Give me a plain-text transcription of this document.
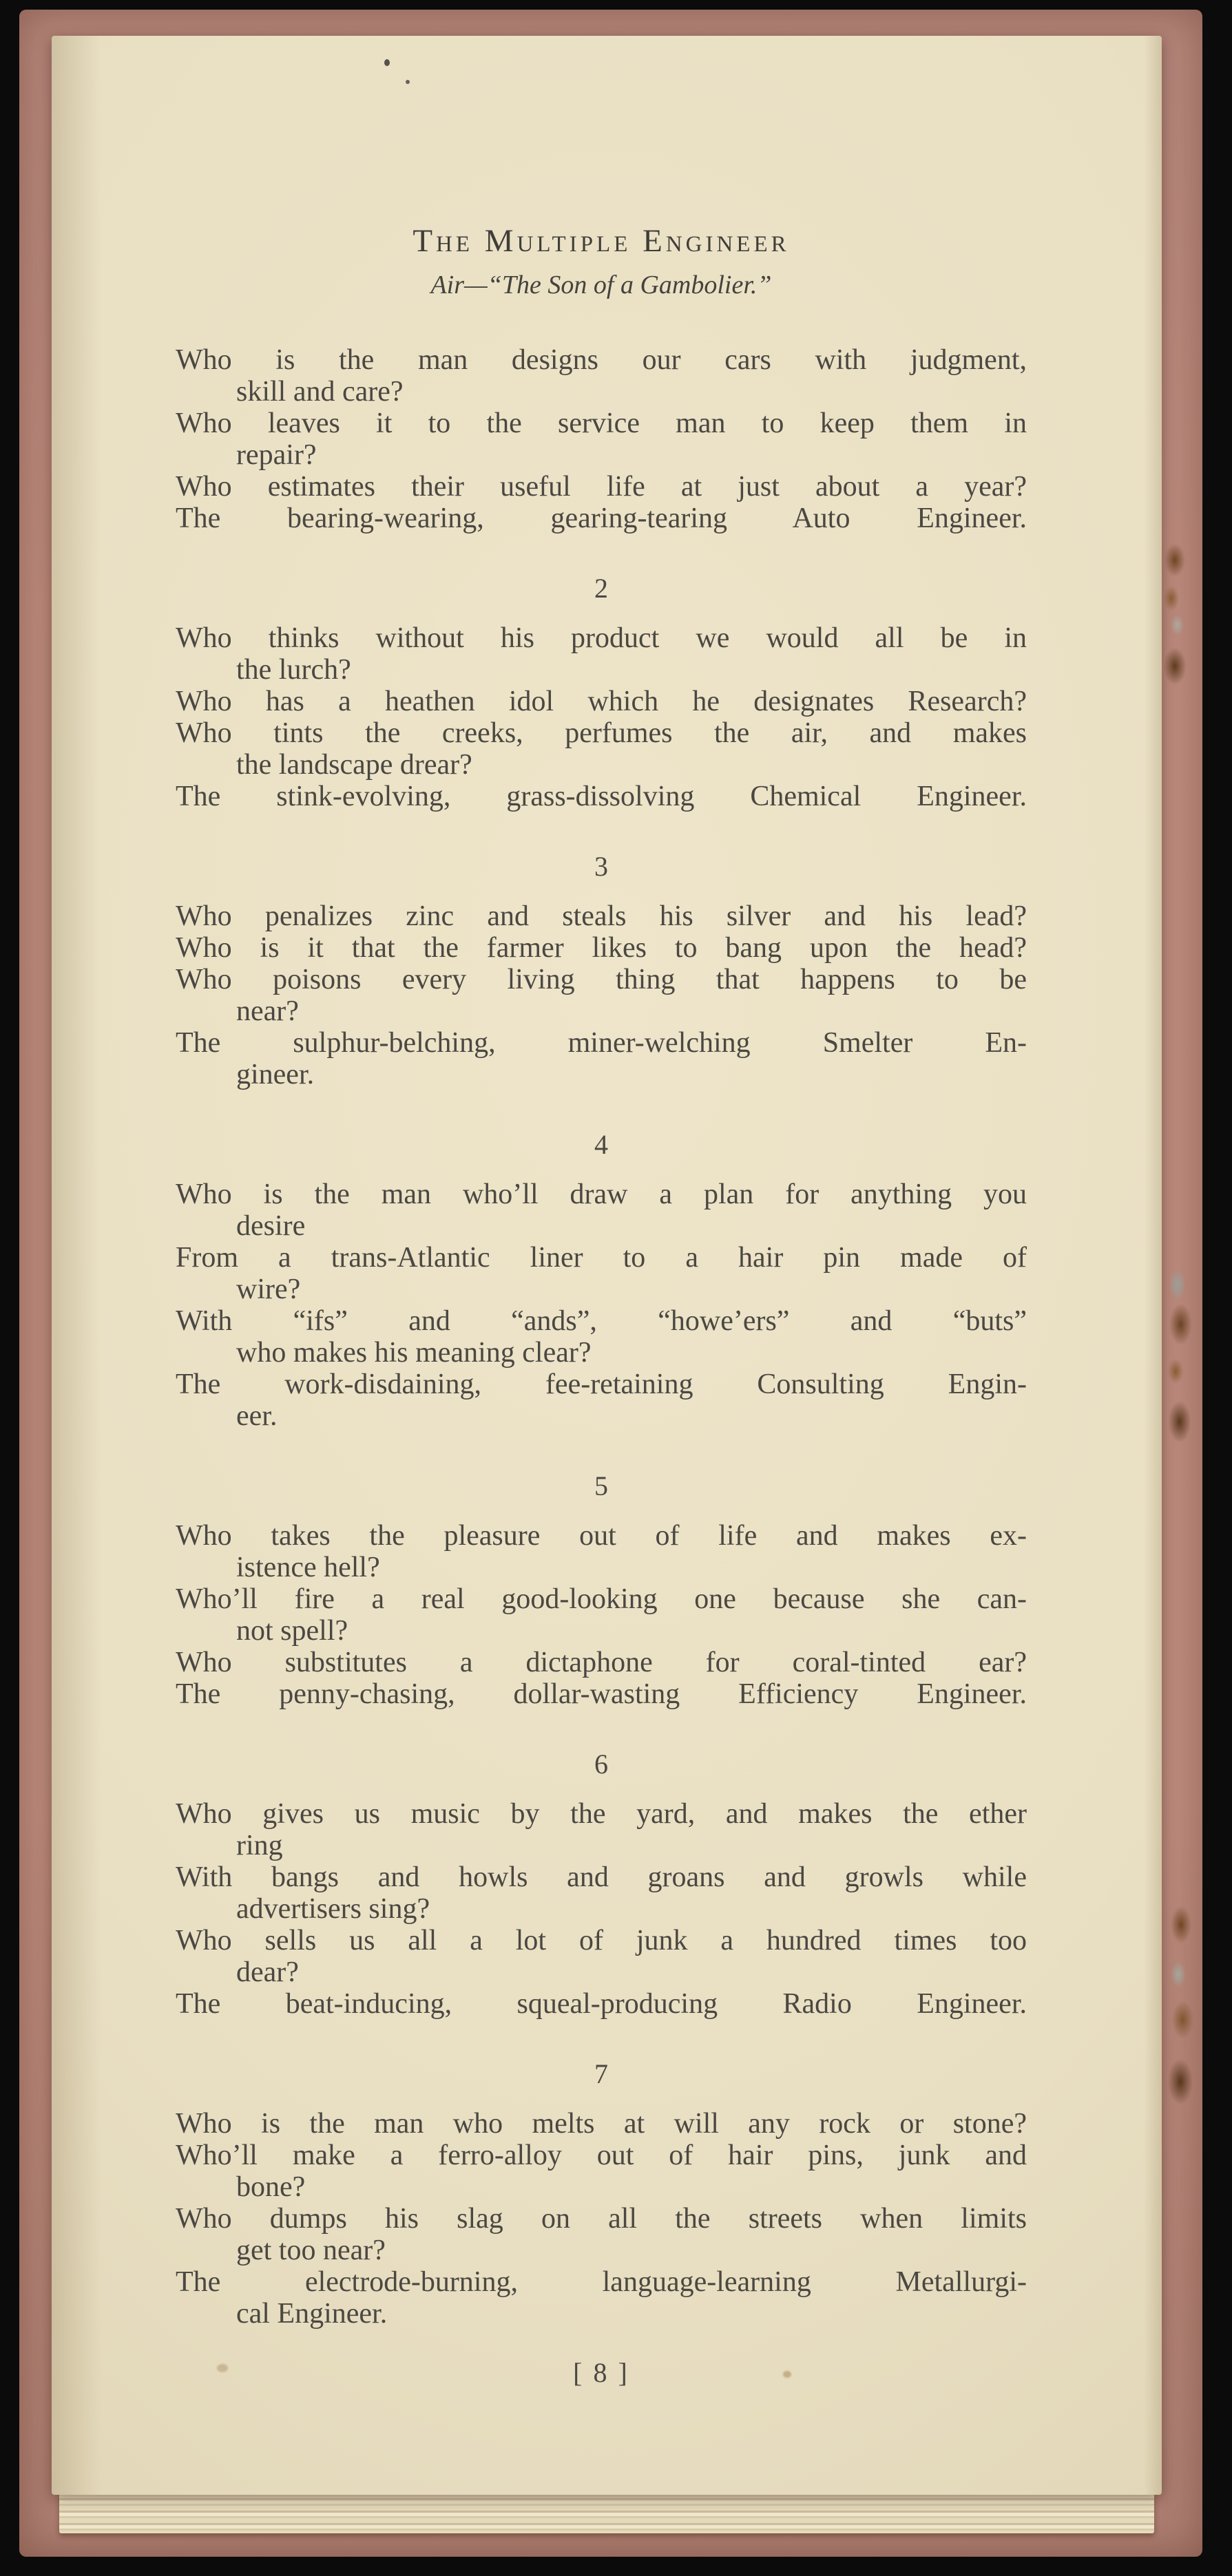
The Multiple Engineer
Air—“The Son of a Gambolier.”
Who is the man designs our cars with judgment,
skill and care?
Who leaves it to the service man to keep them in
repair?
Who estimates their useful life at just about a year?
The bearing-wearing, gearing-tearing Auto Engineer.
2
Who thinks without his product we would all be in
the lurch?
Who has a heathen idol which he designates Research?
Who tints the creeks, perfumes the air, and makes
the landscape drear?
The stink-evolving, grass-dissolving Chemical Engineer.
3
Who penalizes zinc and steals his silver and his lead?
Who is it that the farmer likes to bang upon the head?
Who poisons every living thing that happens to be
near?
The sulphur-belching, miner-welching Smelter En-
gineer.
4
Who is the man who’ll draw a plan for anything you
desire
From a trans-Atlantic liner to a hair pin made of
wire?
With “ifs” and “ands”, “howe’ers” and “buts”
who makes his meaning clear?
The work-disdaining, fee-retaining Consulting Engin-
eer.
5
Who takes the pleasure out of life and makes ex-
istence hell?
Who’ll fire a real good-looking one because she can-
not spell?
Who substitutes a dictaphone for coral-tinted ear?
The penny-chasing, dollar-wasting Efficiency Engineer.
6
Who gives us music by the yard, and makes the ether
ring
With bangs and howls and groans and growls while
advertisers sing?
Who sells us all a lot of junk a hundred times too
dear?
The beat-inducing, squeal-producing Radio Engineer.
7
Who is the man who melts at will any rock or stone?
Who’ll make a ferro-alloy out of hair pins, junk and
bone?
Who dumps his slag on all the streets when limits
get too near?
The electrode-burning, language-learning Metallurgi-
cal Engineer.
[ 8 ]
